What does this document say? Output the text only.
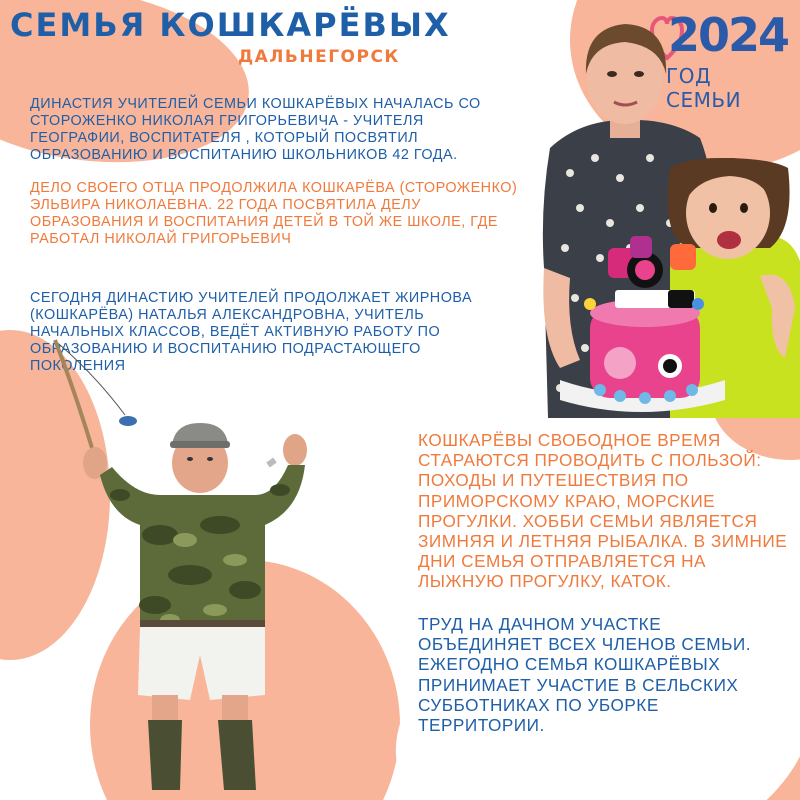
СЕМЬЯ КОШКАРЁВЫХ
ДАЛЬНЕГОРСК	2024
ГОД СЕМЬИ
ДИНАСТИЯ УЧИТЕЛЕЙ СЕМЬИ КОШКАРЁВЫХ НАЧАЛАСЬ СО СТОРОЖЕНКО НИКОЛАЯ ГРИГОРЬЕВИЧА - УЧИТЕЛЯ ГЕОГРАФИИ, ВОСПИТАТЕЛЯ , КОТОРЫЙ ПОСВЯТИЛ ОБРАЗОВАНИЮ И ВОСПИТАНИЮ ШКОЛЬНИКОВ 42 ГОДА.
ДЕЛО СВОЕГО ОТЦА ПРОДОЛЖИЛА КОШКАРЁВА (СТОРОЖЕНКО) ЭЛЬВИРА НИКОЛАЕВНА. 22 ГОДА ПОСВЯТИЛА ДЕЛУ ОБРАЗОВАНИЯ И ВОСПИТАНИЯ ДЕТЕЙ В ТОЙ ЖЕ ШКОЛЕ, ГДЕ РАБОТАЛ НИКОЛАЙ ГРИГОРЬЕВИЧ
СЕГОДНЯ ДИНАСТИЮ УЧИТЕЛЕЙ ПРОДОЛЖАЕТ ЖИРНОВА (КОШКАРЁВА) НАТАЛЬЯ АЛЕКСАНДРОВНА, УЧИТЕЛЬ НАЧАЛЬНЫХ КЛАССОВ, ВЕДЁТ АКТИВНУЮ РАБОТУ ПО ОБРАЗОВАНИЮ И ВОСПИТАНИЮ ПОДРАСТАЮЩЕГО ПОКОЛЕНИЯ
КОШКАРЁВЫ СВОБОДНОЕ ВРЕМЯ СТАРАЮТСЯ ПРОВОДИТЬ С ПОЛЬЗОЙ: ПОХОДЫ И ПУТЕШЕСТВИЯ ПО ПРИМОРСКОМУ КРАЮ, МОРСКИЕ ПРОГУЛКИ. ХОББИ СЕМЬИ ЯВЛЯЕТСЯ ЗИМНЯЯ И ЛЕТНЯЯ РЫБАЛКА. В ЗИМНИЕ ДНИ СЕМЬЯ ОТПРАВЛЯЕТСЯ НА ЛЫЖНУЮ ПРОГУЛКУ, КАТОК.
ТРУД НА ДАЧНОМ УЧАСТКЕ ОБЪЕДИНЯЕТ ВСЕХ ЧЛЕНОВ СЕМЬИ. ЕЖЕГОДНО СЕМЬЯ КОШКАРЁВЫХ ПРИНИМАЕТ УЧАСТИЕ В СЕЛЬСКИХ СУББОТНИКАХ ПО УБОРКЕ ТЕРРИТОРИИ.
